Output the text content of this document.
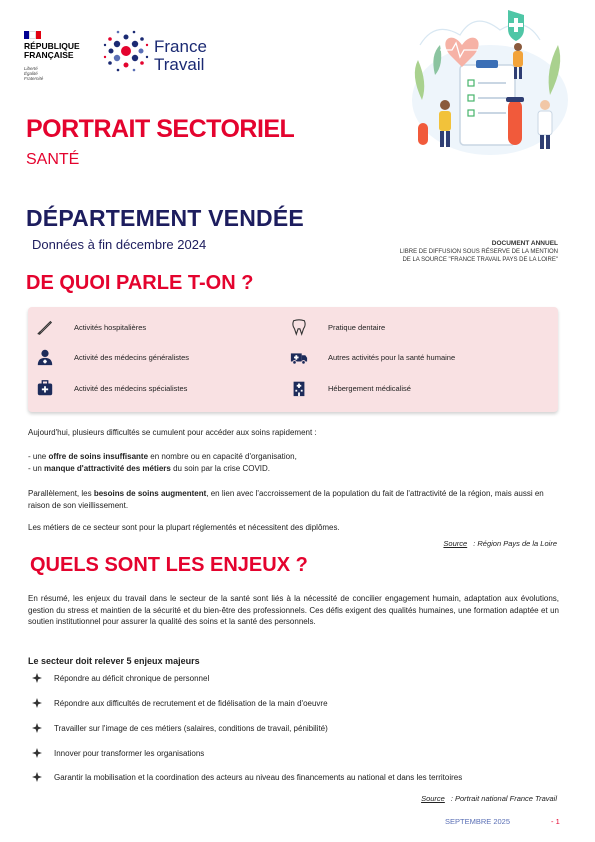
RÉPUBLIQUE
FRANÇAISE
Liberté
Égalité
Fraternité
France
Travail
PORTRAIT SECTORIEL
SANTÉ
DÉPARTEMENT VENDÉE
Données à fin décembre 2024	DOCUMENT ANNUEL
LIBRE DE DIFFUSION SOUS RÉSERVE DE LA MENTION
DE LA SOURCE "FRANCE TRAVAIL PAYS DE LA LOIRE"
DE QUOI PARLE T-ON ?
Activités hospitalières
Activité des médecins généralistes
Activité des médecins spécialistes
Pratique dentaire
Autres activités pour la santé humaine
Hébergement médicalisé
Aujourd'hui, plusieurs difficultés se cumulent pour accéder aux soins rapidement :
- une offre de soins insuffisante en nombre ou en capacité d'organisation,
- un manque d'attractivité des métiers du soin par la crise COVID.
Parallèlement, les besoins de soins augmentent, en lien avec l'accroissement de la population du fait de l'attractivité de la région, mais aussi en raison de son vieillissement.
Les métiers de ce secteur sont pour la plupart réglementés et nécessitent des diplômes.
Source : Région Pays de la Loire
QUELS SONT LES ENJEUX ?
En résumé, les enjeux du travail dans le secteur de la santé sont liés à la nécessité de concilier engagement humain, adaptation aux évolutions, gestion du stress et maintien de la sécurité et du bien-être des professionnels. Ces défis exigent des qualités humaines, une formation adaptée et un soutien institutionnel pour assurer la qualité des soins et la santé des personnels.
Le secteur doit relever 5 enjeux majeurs
Répondre au déficit chronique de personnel
Répondre aux difficultés de recrutement et de fidélisation de la main d'oeuvre
Travailler sur l'image de ces métiers (salaires, conditions de travail, pénibilité)
Innover pour transformer les organisations
Garantir la mobilisation et la coordination des acteurs au niveau des financements au national et dans les territoires
Source : Portrait national France Travail
SEPTEMBRE 2025	- 1
